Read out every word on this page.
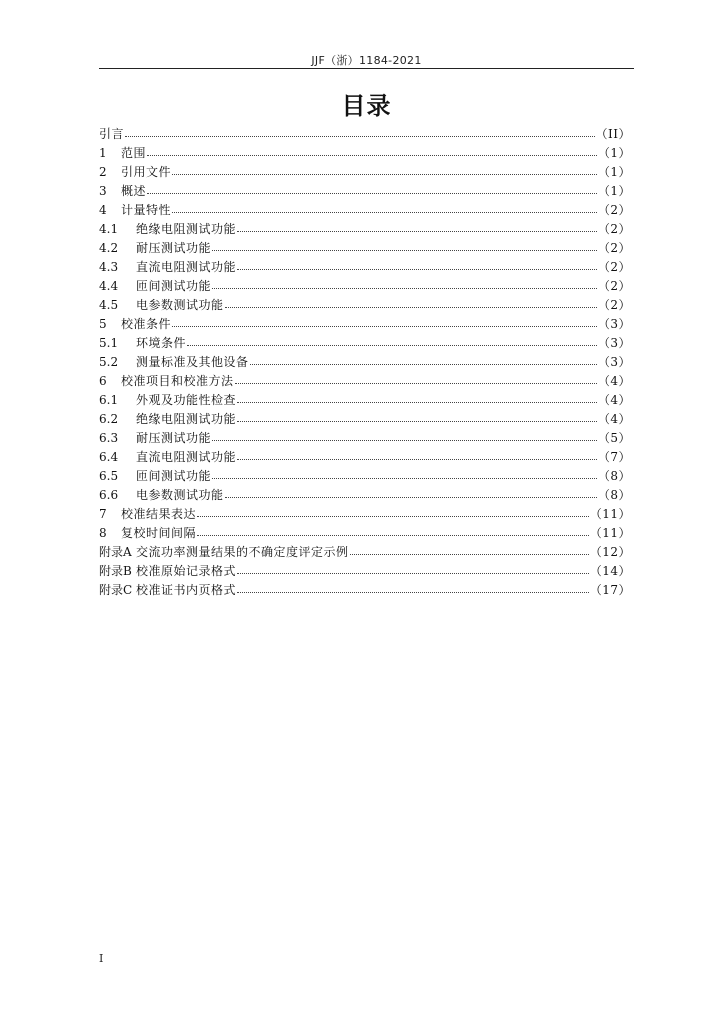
JJF（浙）1184-2021
目录
引言	（II）
1	范围	（1）
2	引用文件	（1）
3	概述	（1）
4	计量特性	（2）
4.1	绝缘电阻测试功能	（2）
4.2	耐压测试功能	（2）
4.3	直流电阻测试功能	（2）
4.4	匝间测试功能	（2）
4.5	电参数测试功能	（2）
5	校准条件	（3）
5.1	环境条件	（3）
5.2	测量标准及其他设备	（3）
6	校准项目和校准方法	（4）
6.1	外观及功能性检查	（4）
6.2	绝缘电阻测试功能	（4）
6.3	耐压测试功能	（5）
6.4	直流电阻测试功能	（7）
6.5	匝间测试功能	（8）
6.6	电参数测试功能	（8）
7	校准结果表达	（11）
8	复校时间间隔	（11）
附录A 交流功率测量结果的不确定度评定示例	（12）
附录B 校准原始记录格式	（14）
附录C 校准证书内页格式	（17）
I
